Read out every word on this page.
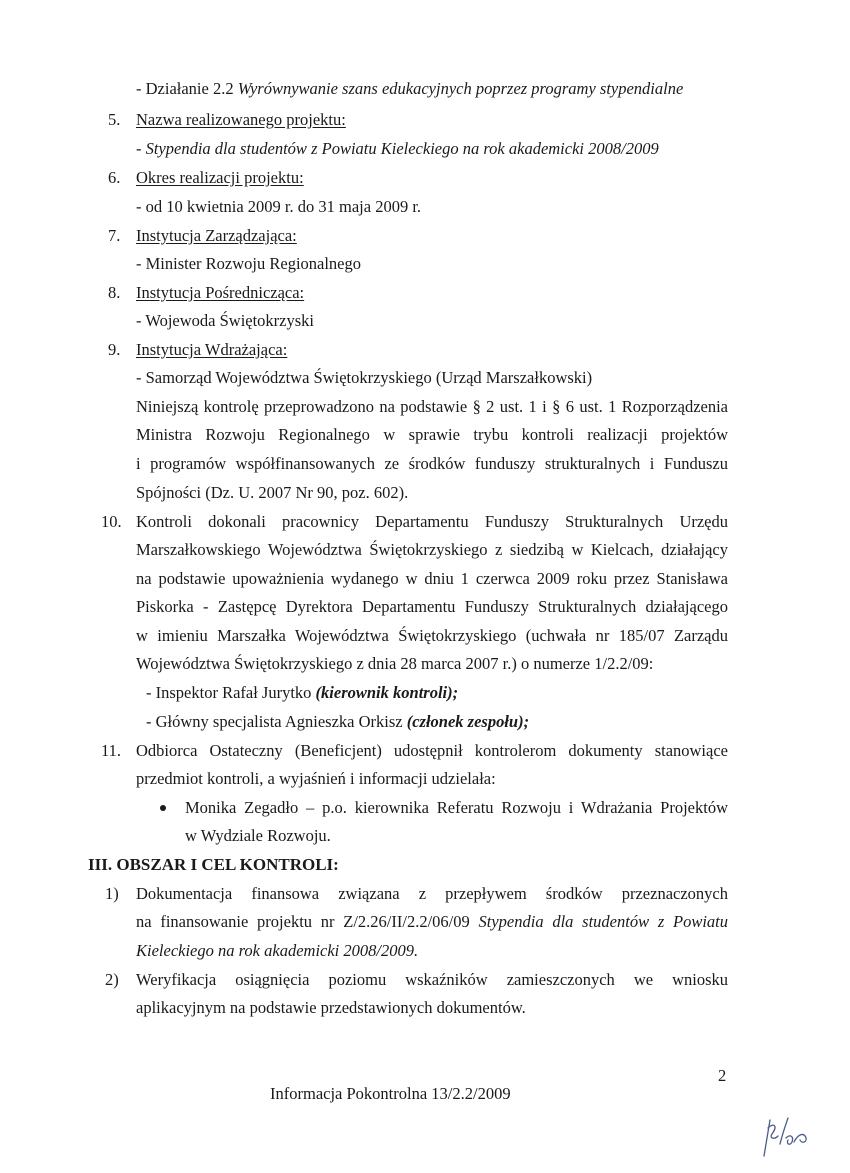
- Działanie 2.2 Wyrównywanie szans edukacyjnych poprzez programy stypendialne
5. Nazwa realizowanego projektu:
- Stypendia dla studentów z Powiatu Kieleckiego na rok akademicki 2008/2009
6. Okres realizacji projektu:
- od 10 kwietnia 2009 r. do 31 maja 2009 r.
7. Instytucja Zarządzająca:
- Minister Rozwoju Regionalnego
8. Instytucja Pośrednicząca:
- Wojewoda Świętokrzyski
9. Instytucja Wdrażająca:
- Samorząd Województwa Świętokrzyskiego (Urząd Marszałkowski)
Niniejszą kontrolę przeprowadzono na podstawie § 2 ust. 1 i § 6 ust. 1 Rozporządzenia
Ministra Rozwoju Regionalnego w sprawie trybu kontroli realizacji projektów
i programów współfinansowanych ze środków funduszy strukturalnych i Funduszu
Spójności (Dz. U. 2007 Nr 90, poz. 602).
10. Kontroli dokonali pracownicy Departamentu Funduszy Strukturalnych Urzędu
Marszałkowskiego Województwa Świętokrzyskiego z siedzibą w Kielcach, działający
na podstawie upoważnienia wydanego w dniu 1 czerwca 2009 roku przez Stanisława
Piskorka - Zastępcę Dyrektora Departamentu Funduszy Strukturalnych działającego
w imieniu Marszałka Województwa Świętokrzyskiego (uchwała nr 185/07 Zarządu
Województwa Świętokrzyskiego z dnia 28 marca 2007 r.) o numerze 1/2.2/09:
- Inspektor Rafał Jurytko (kierownik kontroli);
- Główny specjalista Agnieszka Orkisz (członek zespołu);
11. Odbiorca Ostateczny (Beneficjent) udostępnił kontrolerom dokumenty stanowiące
przedmiot kontroli, a wyjaśnień i informacji udzielała:
Monika Zegadło – p.o. kierownika Referatu Rozwoju i Wdrażania Projektów
w Wydziale Rozwoju.
III. OBSZAR I CEL KONTROLI:
1) Dokumentacja finansowa związana z przepływem środków przeznaczonych
na finansowanie projektu nr Z/2.26/II/2.2/06/09 Stypendia dla studentów z Powiatu
Kieleckiego na rok akademicki 2008/2009.
2) Weryfikacja osiągnięcia poziomu wskaźników zamieszczonych we wniosku
aplikacyjnym na podstawie przedstawionych dokumentów.
2
Informacja Pokontrolna 13/2.2/2009
